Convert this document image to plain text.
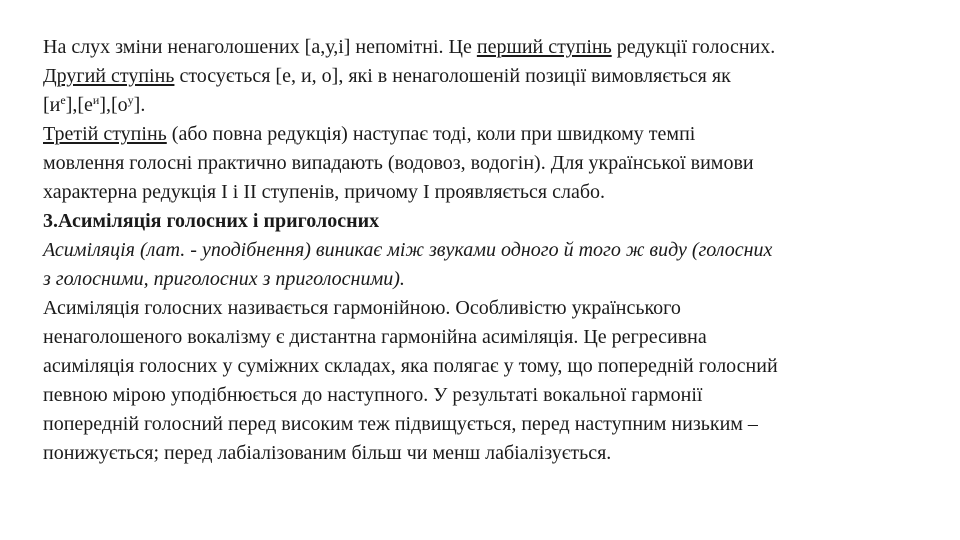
На слух зміни ненаголошених [а,у,і] непомітні. Це перший ступінь редукції голосних.

Другий ступінь стосується [е, и, о], які в ненаголошеній позиції вимовляється як

$[и^е],[е^и],[о^у]$.

Третій ступінь (або повна редукція) наступає тоді, коли при швидкому темпі

мовлення голосні практично випадають (водовоз, водогін). Для української вимови

характерна редукція І і ІІ ступенів, причому І проявляється слабо.

3.Асиміляція голосних і приголосних

Асиміляція (лат. - уподібнення) виникає між звуками одного й того ж виду (голосних

з голосними, приголосних з приголосними).

Асиміляція голосних називається гармонійною. Особливістю українського

ненаголошеного вокалізму є дистантна гармонійна асиміляція. Це регресивна

асиміляція голосних у суміжних складах, яка полягає у тому, що попередній голосний

певною мірою уподібнюється до наступного. У результаті вокальної гармонії

попередній голосний перед високим теж підвищується, перед наступним низьким –

понижується; перед лабіалізованим більш чи менш лабіалізується.
